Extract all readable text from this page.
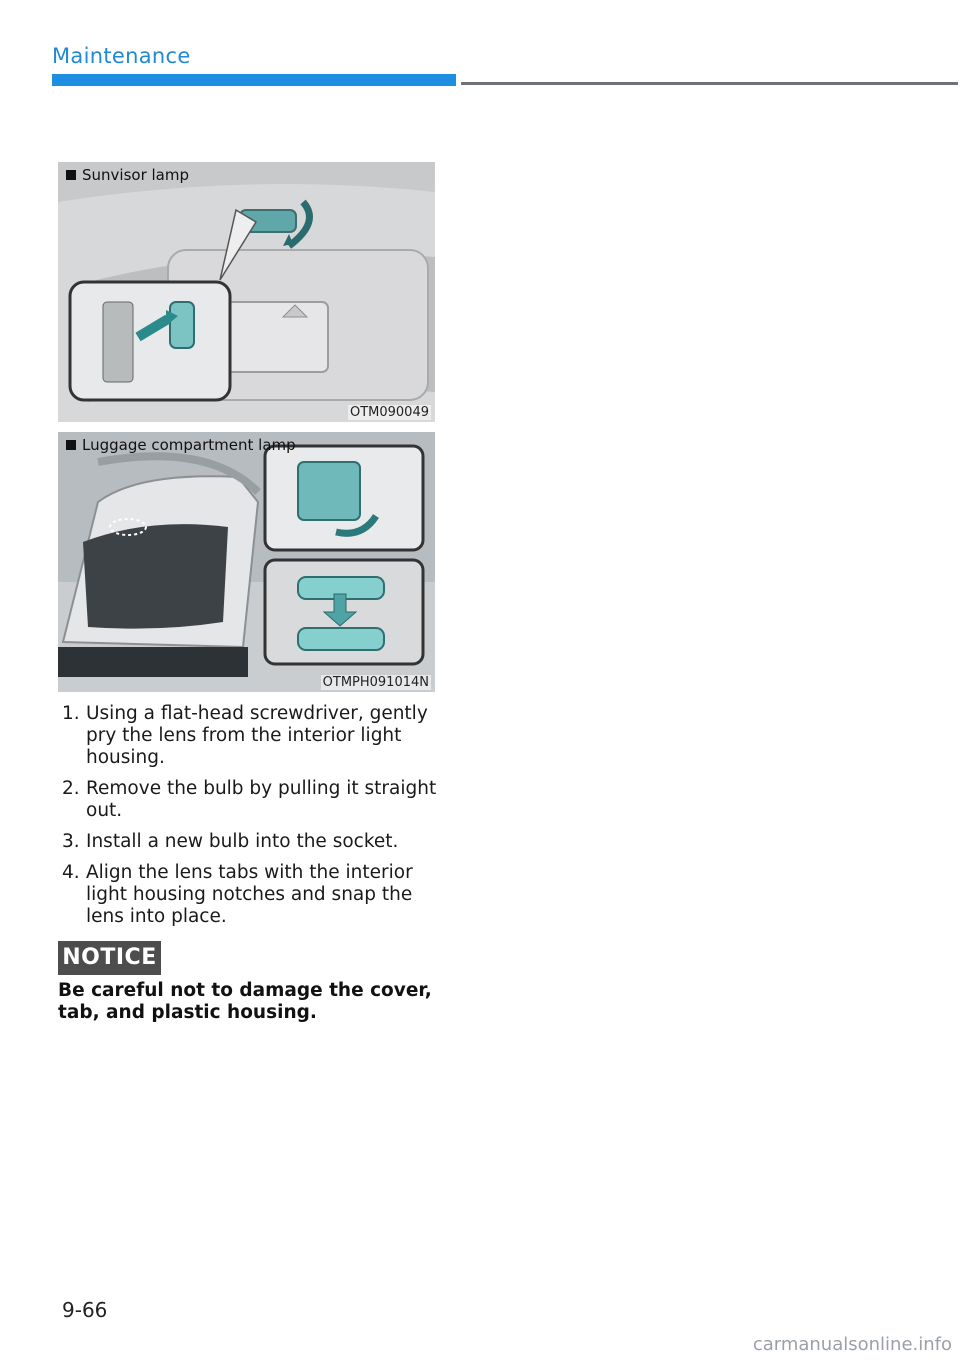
Maintenance
Sunvisor lamp
OTM090049
Luggage compartment lamp
OTMPH091014N
1. Using a flat-head screwdriver, gently pry the lens from the interior light housing.
2. Remove the bulb by pulling it straight out.
3. Install a new bulb into the socket.
4. Align the lens tabs with the interior light housing notches and snap the lens into place.
NOTICE
Be careful not to damage the cover, tab, and plastic housing.
9-66
carmanualsonline.info
